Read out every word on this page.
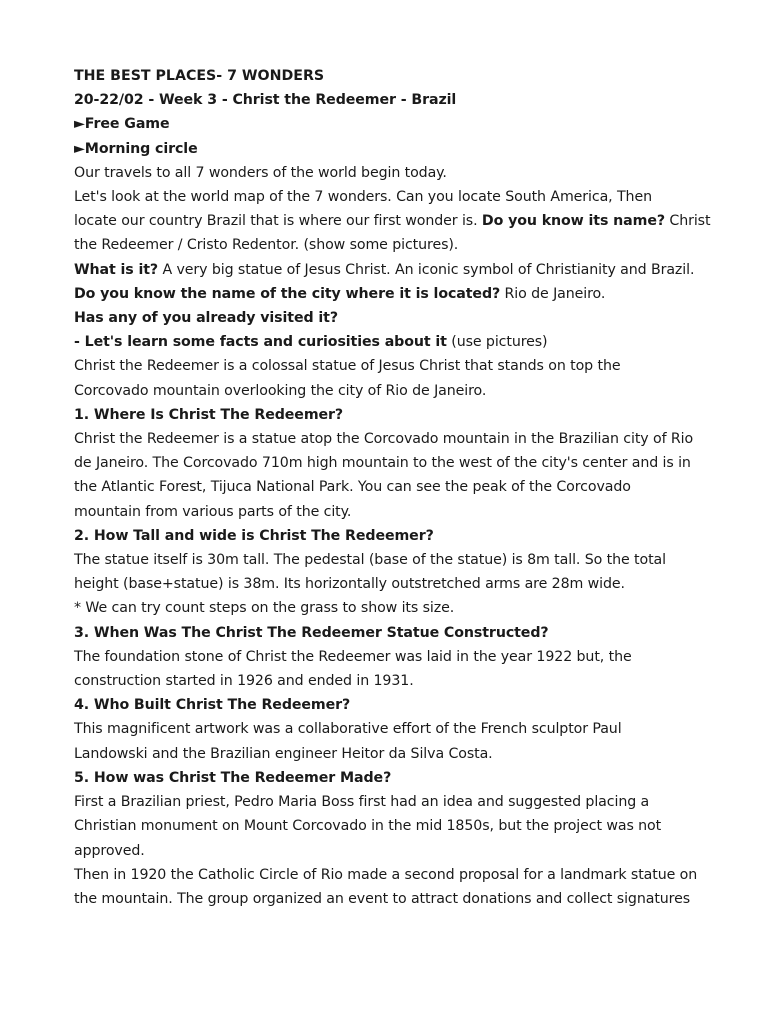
THE BEST PLACES- 7 WONDERS
20-22/02 - Week 3 - Christ the Redeemer - Brazil
►Free Game
►Morning circle
Our travels to all 7 wonders of the world begin today.
Let's look at the world map of the 7 wonders. Can you locate South America, Then
locate our country Brazil that is where our first wonder is. Do you know its name? Christ
the Redeemer / Cristo Redentor. (show some pictures).
What is it? A very big statue of Jesus Christ. An iconic symbol of Christianity and Brazil.
Do you know the name of the city where it is located? Rio de Janeiro.
Has any of you already visited it?
- Let's learn some facts and curiosities about it (use pictures)
Christ the Redeemer is a colossal statue of Jesus Christ that stands on top the
Corcovado mountain overlooking the city of Rio de Janeiro.
1. Where Is Christ The Redeemer?
Christ the Redeemer is a statue atop the Corcovado mountain in the Brazilian city of Rio
de Janeiro. The Corcovado 710m high mountain to the west of the city's center and is in
the Atlantic Forest, Tijuca National Park. You can see the peak of the Corcovado
mountain from various parts of the city.
2. How Tall and wide is Christ The Redeemer?
The statue itself is 30m tall. The pedestal (base of the statue) is 8m tall. So the total
height (base+statue) is 38m. Its horizontally outstretched arms are 28m wide.
* We can try count steps on the grass to show its size.
3. When Was The Christ The Redeemer Statue Constructed?
The foundation stone of Christ the Redeemer was laid in the year 1922 but, the
construction started in 1926 and ended in 1931.
4. Who Built Christ The Redeemer?
This magnificent artwork was a collaborative effort of the French sculptor Paul
Landowski and the Brazilian engineer Heitor da Silva Costa.
5. How was Christ The Redeemer Made?
First a Brazilian priest, Pedro Maria Boss first had an idea and suggested placing a
Christian monument on Mount Corcovado in the mid 1850s, but the project was not
approved.
Then in 1920 the Catholic Circle of Rio made a second proposal for a landmark statue on
the mountain. The group organized an event to attract donations and collect signatures
